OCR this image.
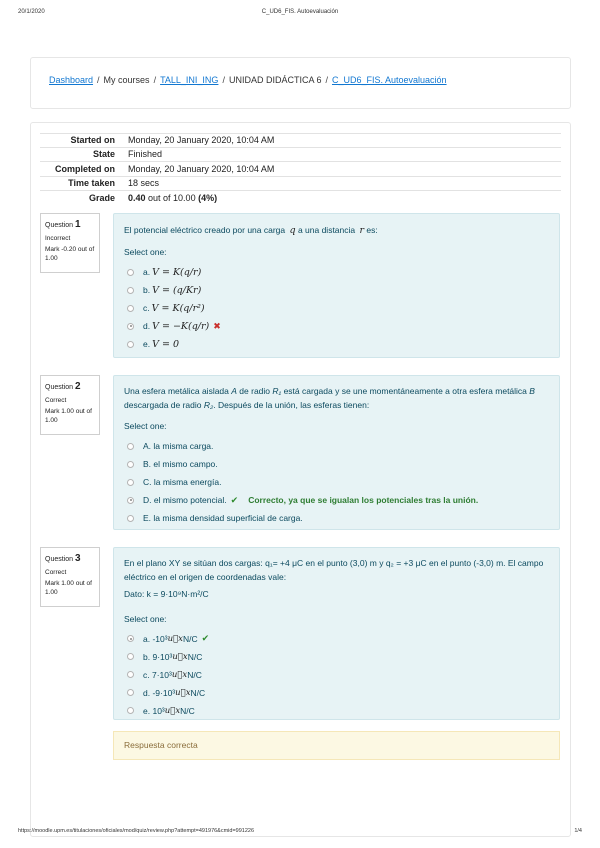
20/1/2020	C_UD6_FIS. Autoevaluación
Dashboard / My courses / TALL_INI_ING / UNIDAD DIDÁCTICA 6 / C_UD6_FIS. Autoevaluación
Started on	Monday, 20 January 2020, 10:04 AM
State	Finished
Completed on	Monday, 20 January 2020, 10:04 AM
Time taken	18 secs
Grade	0.40 out of 10.00 (4%)
Question 1
Incorrect
Mark -0.20 out of 1.00
El potencial eléctrico creado por una carga q a una distancia r es:
Select one:
a. V = K(q/r)
b. V = (q/Kr)
c. V = K(q/r²)
d. V = −K(q/r) ✖
e. V = 0
Question 2
Correct
Mark 1.00 out of 1.00
Una esfera metálica aislada A de radio R₁ está cargada y se une momentáneamente a otra esfera metálica B descargada de radio R₂. Después de la unión, las esferas tienen:
Select one:
A.
la misma carga.
B.
el mismo campo.
C.
la misma energía.
D.
el mismo potencial. ✔ Correcto, ya que se igualan los potenciales tras la unión.
E.
la misma densidad superficial de carga.
Question 3
Correct
Mark 1.00 out of 1.00
En el plano XY se sitúan dos cargas: q₁= +4 μC en el punto (3,0) m y q₂ = +3 μC en el punto (-3,0) m. El campo eléctrico en el origen de coordenadas vale:
Dato: k = 9·10⁹N·m²/C
Select one:
a.
-10³ u⃗x N/C ✔
b.
9·10³ u⃗x N/C
c.
7·10³ u⃗x N/C
d.
-9·10³ u⃗x N/C
e.
10³ u⃗x N/C
Respuesta correcta
https://moodle.upm.es/titulaciones/oficiales/mod/quiz/review.php?attempt=491976&cmid=991226	1/4
